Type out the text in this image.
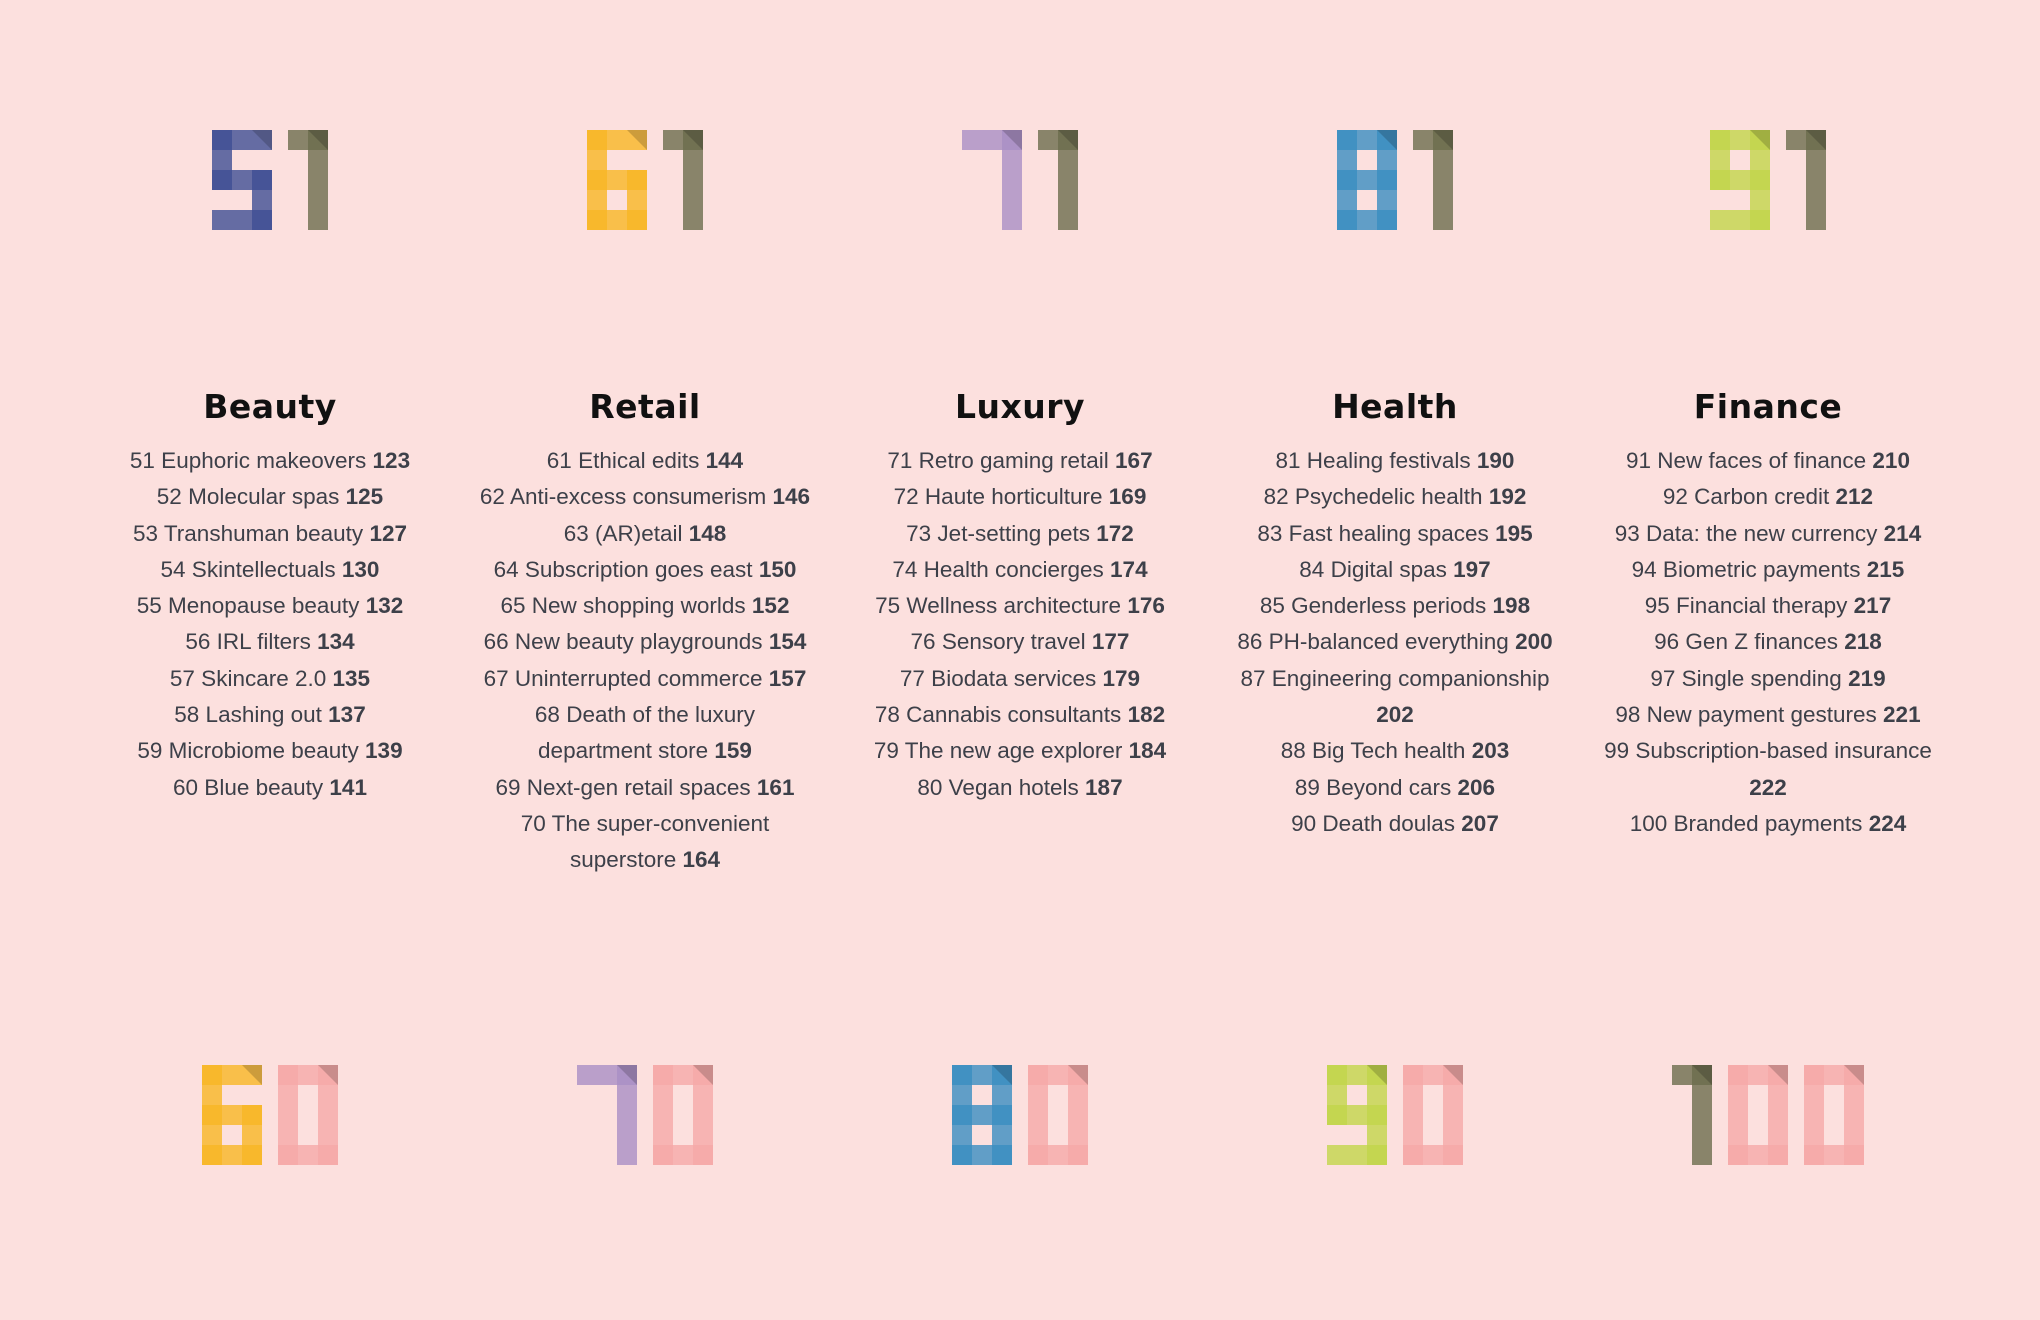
Beauty
51 Euphoric makeovers 123
52 Molecular spas 125
53 Transhuman beauty 127
54 Skintellectuals 130
55 Menopause beauty 132
56 IRL filters 134
57 Skincare 2.0 135
58 Lashing out 137
59 Microbiome beauty 139
60 Blue beauty 141
Retail
61 Ethical edits 144
62 Anti-excess consumerism 146
63 (AR)etail 148
64 Subscription goes east 150
65 New shopping worlds 152
66 New beauty playgrounds 154
67 Uninterrupted commerce 157
68 Death of the luxury department store 159
69 Next-gen retail spaces 161
70 The super-convenient superstore 164
Luxury
71 Retro gaming retail 167
72 Haute horticulture 169
73 Jet-setting pets 172
74 Health concierges 174
75 Wellness architecture 176
76 Sensory travel 177
77 Biodata services 179
78 Cannabis consultants 182
79 The new age explorer 184
80 Vegan hotels 187
Health
81 Healing festivals 190
82 Psychedelic health 192
83 Fast healing spaces 195
84 Digital spas 197
85 Genderless periods 198
86 PH-balanced everything 200
87 Engineering companionship 202
88 Big Tech health 203
89 Beyond cars 206
90 Death doulas 207
Finance
91 New faces of finance 210
92 Carbon credit 212
93 Data: the new currency 214
94 Biometric payments 215
95 Financial therapy 217
96 Gen Z finances 218
97 Single spending 219
98 New payment gestures 221
99 Subscription-based insurance 222
100 Branded payments 224
